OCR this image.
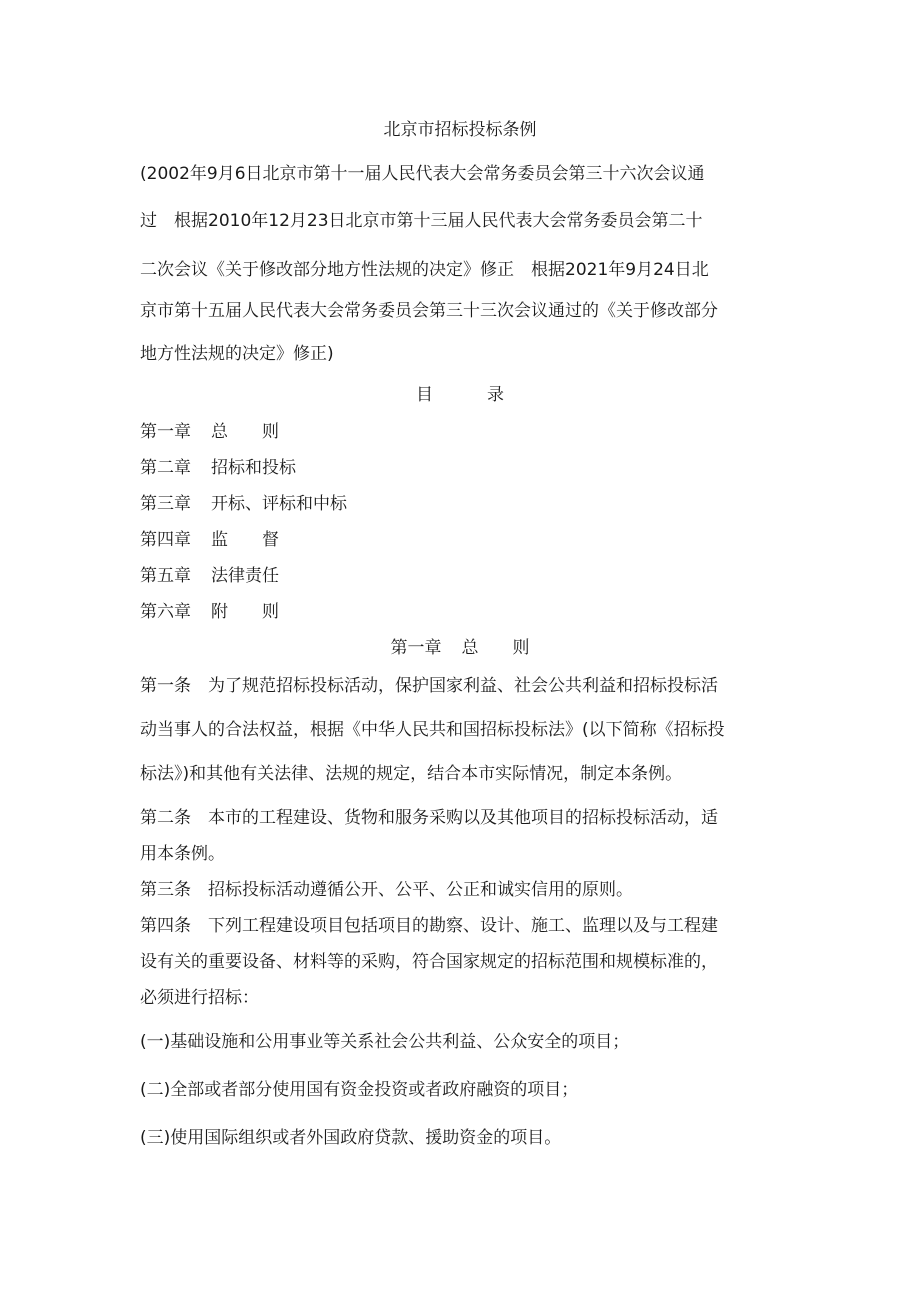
北京市招标投标条例
(2002年9月6日北京市第十一届人民代表大会常务委员会第三十六次会议通
过　根据2010年12月23日北京市第十三届人民代表大会常务委员会第二十
二次会议《关于修改部分地方性法规的决定》修正　根据2021年9月24日北
京市第十五届人民代表大会常务委员会第三十三次会议通过的《关于修改部分
地方性法规的决定》修正)
目	录
第一章 总　　则
第二章 招标和投标
第三章 开标、评标和中标
第四章 监　　督
第五章 法律责任
第六章 附　　则
第一章 总　　则
第一条　为了规范招标投标活动，保护国家利益、社会公共利益和招标投标活
动当事人的合法权益，根据《中华人民共和国招标投标法》(以下简称《招标投
标法》)和其他有关法律、法规的规定，结合本市实际情况，制定本条例。
第二条　本市的工程建设、货物和服务采购以及其他项目的招标投标活动，适
用本条例。
第三条　招标投标活动遵循公开、公平、公正和诚实信用的原则。
第四条　下列工程建设项目包括项目的勘察、设计、施工、监理以及与工程建
设有关的重要设备、材料等的采购，符合国家规定的招标范围和规模标准的，
必须进行招标：
(一)基础设施和公用事业等关系社会公共利益、公众安全的项目；
(二)全部或者部分使用国有资金投资或者政府融资的项目；
(三)使用国际组织或者外国政府贷款、援助资金的项目。
